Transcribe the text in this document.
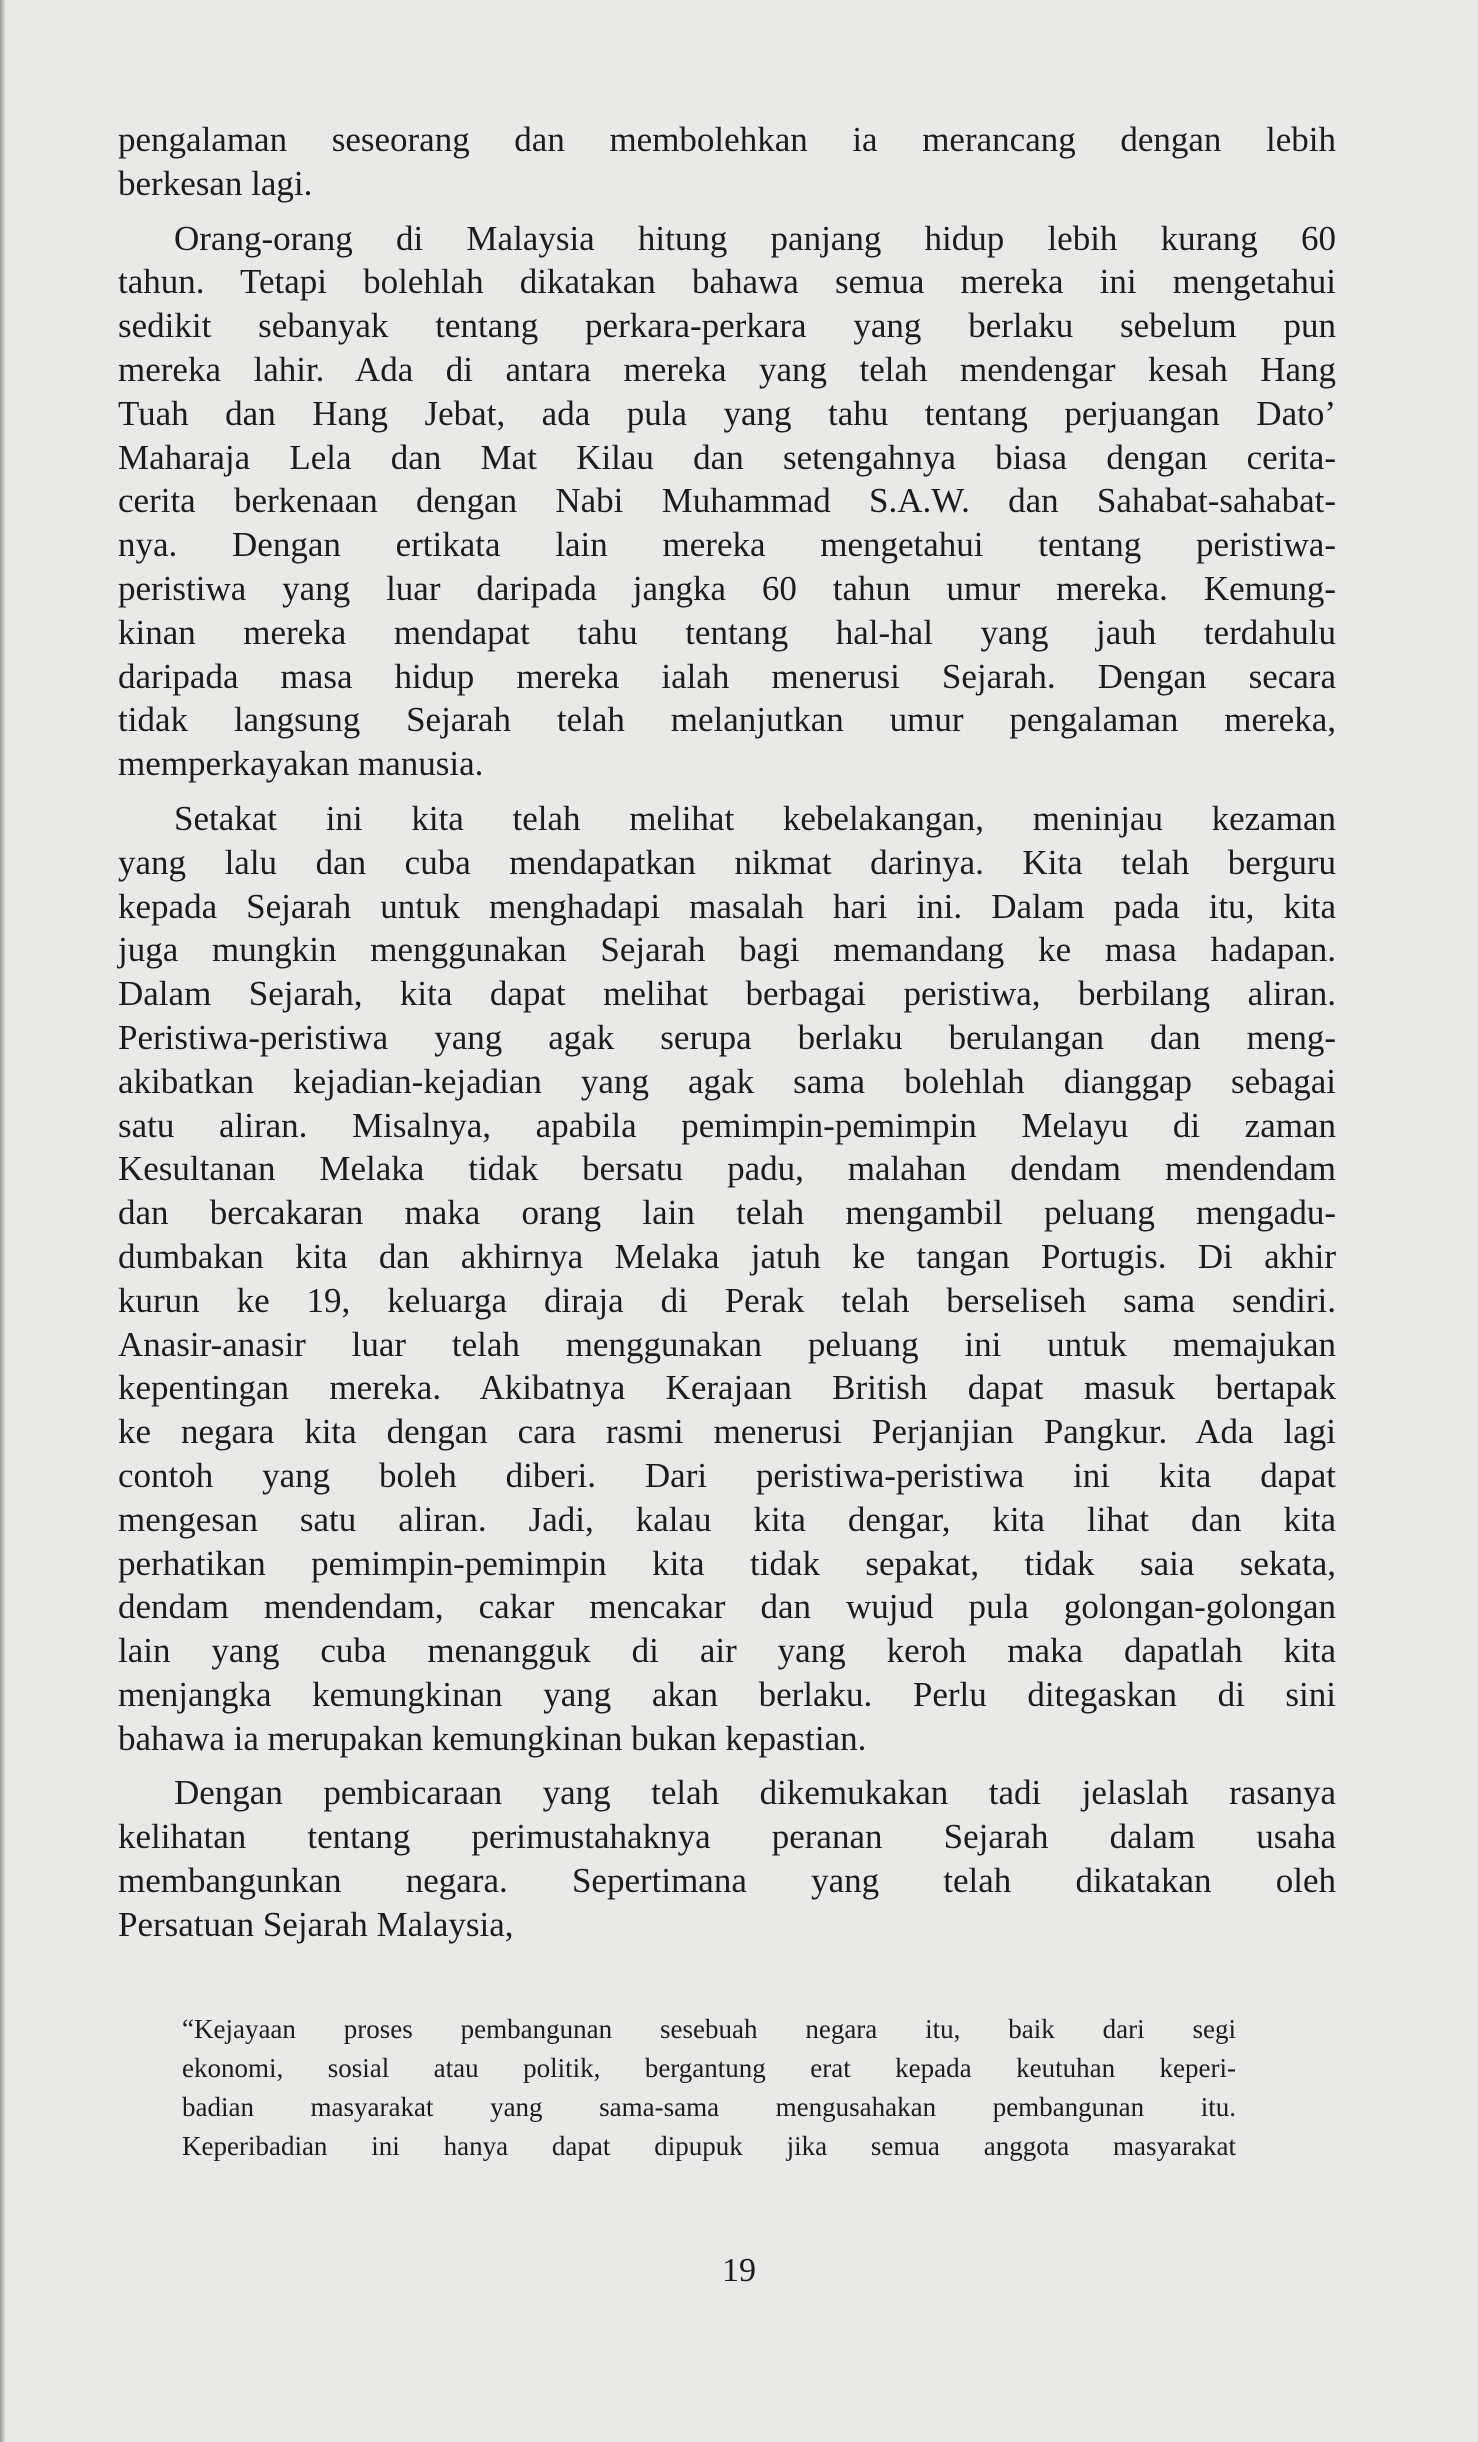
pengalaman seseorang dan membolehkan ia merancang dengan lebih
berkesan lagi.
Orang-orang di Malaysia hitung panjang hidup lebih kurang 60
tahun. Tetapi bolehlah dikatakan bahawa semua mereka ini mengetahui
sedikit sebanyak tentang perkara-perkara yang berlaku sebelum pun
mereka lahir. Ada di antara mereka yang telah mendengar kesah Hang
Tuah dan Hang Jebat, ada pula yang tahu tentang perjuangan Dato’
Maharaja Lela dan Mat Kilau dan setengahnya biasa dengan cerita-
cerita berkenaan dengan Nabi Muhammad S.A.W. dan Sahabat-sahabat-
nya. Dengan ertikata lain mereka mengetahui tentang peristiwa-
peristiwa yang luar daripada jangka 60 tahun umur mereka. Kemung-
kinan mereka mendapat tahu tentang hal-hal yang jauh terdahulu
daripada masa hidup mereka ialah menerusi Sejarah. Dengan secara
tidak langsung Sejarah telah melanjutkan umur pengalaman mereka,
memperkayakan manusia.
Setakat ini kita telah melihat kebelakangan, meninjau kezaman
yang lalu dan cuba mendapatkan nikmat darinya. Kita telah berguru
kepada Sejarah untuk menghadapi masalah hari ini. Dalam pada itu, kita
juga mungkin menggunakan Sejarah bagi memandang ke masa hadapan.
Dalam Sejarah, kita dapat melihat berbagai peristiwa, berbilang aliran.
Peristiwa-peristiwa yang agak serupa berlaku berulangan dan meng-
akibatkan kejadian-kejadian yang agak sama bolehlah dianggap sebagai
satu aliran. Misalnya, apabila pemimpin-pemimpin Melayu di zaman
Kesultanan Melaka tidak bersatu padu, malahan dendam mendendam
dan bercakaran maka orang lain telah mengambil peluang mengadu-
dumbakan kita dan akhirnya Melaka jatuh ke tangan Portugis. Di akhir
kurun ke 19, keluarga diraja di Perak telah berseliseh sama sendiri.
Anasir-anasir luar telah menggunakan peluang ini untuk memajukan
kepentingan mereka. Akibatnya Kerajaan British dapat masuk bertapak
ke negara kita dengan cara rasmi menerusi Perjanjian Pangkur. Ada lagi
contoh yang boleh diberi. Dari peristiwa-peristiwa ini kita dapat
mengesan satu aliran. Jadi, kalau kita dengar, kita lihat dan kita
perhatikan pemimpin-pemimpin kita tidak sepakat, tidak saia sekata,
dendam mendendam, cakar mencakar dan wujud pula golongan-golongan
lain yang cuba menangguk di air yang keroh maka dapatlah kita
menjangka kemungkinan yang akan berlaku. Perlu ditegaskan di sini
bahawa ia merupakan kemungkinan bukan kepastian.
Dengan pembicaraan yang telah dikemukakan tadi jelaslah rasanya
kelihatan tentang perimustahaknya peranan Sejarah dalam usaha
membangunkan negara. Sepertimana yang telah dikatakan oleh
Persatuan Sejarah Malaysia,
“Kejayaan proses pembangunan sesebuah negara itu, baik dari segi
ekonomi, sosial atau politik, bergantung erat kepada keutuhan keperi-
badian masyarakat yang sama-sama mengusahakan pembangunan itu.
Keperibadian ini hanya dapat dipupuk jika semua anggota masyarakat
19
